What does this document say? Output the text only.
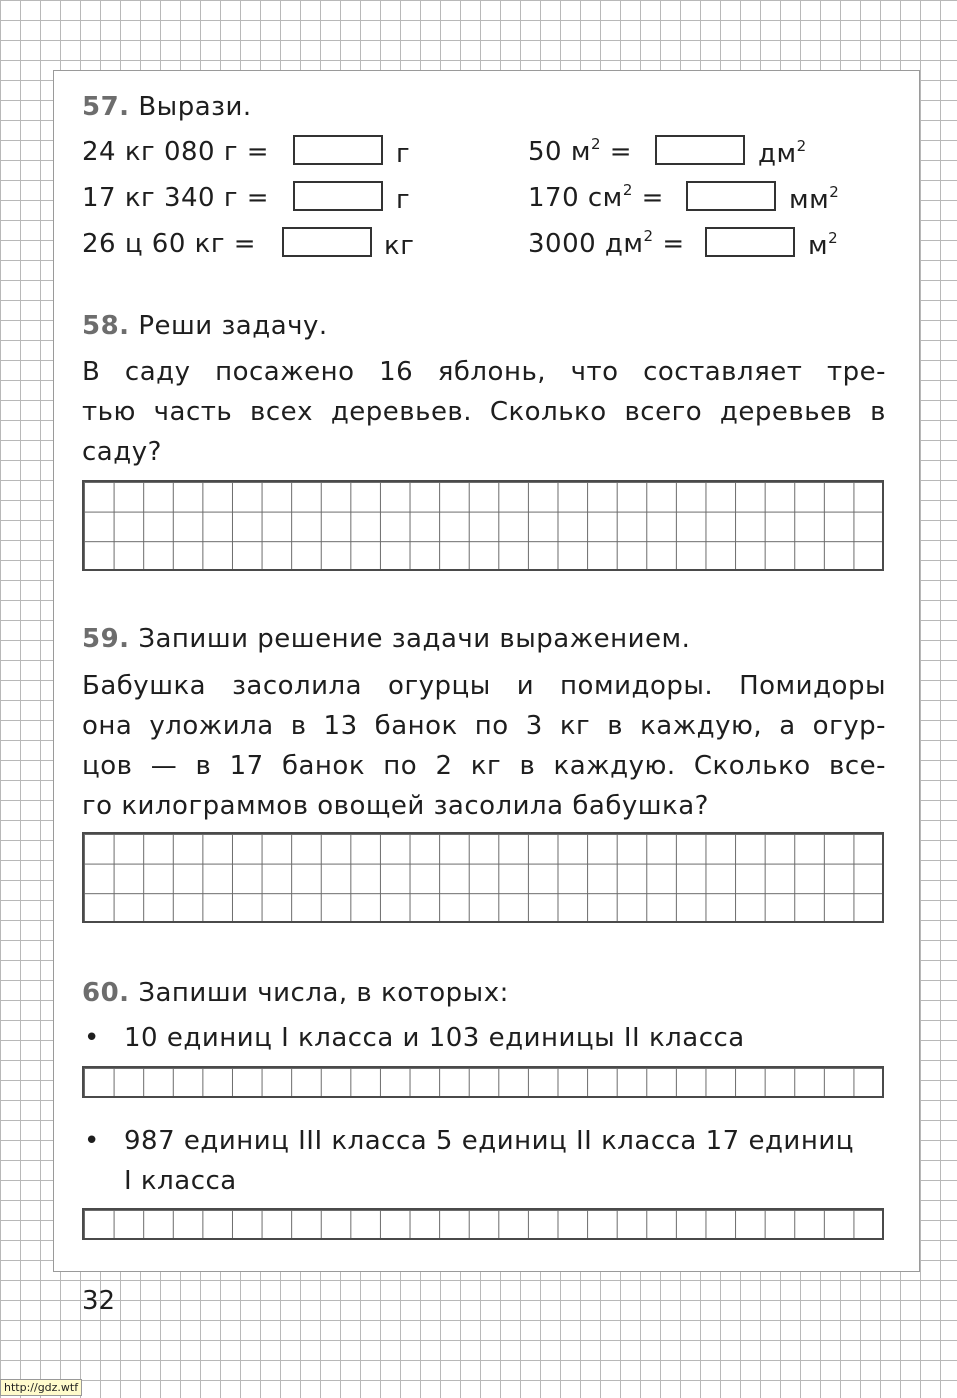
57. Вырази.
24 кг 080 г =	г	50 $м^2$ =	$дм^2$
17 кг 340 г =	г	170 $см^2$ =	$мм^2$
26 ц 60 кг =	кг	3000 $дм^2$ =	$м^2$
58. Реши задачу.
В саду посажено 16 яблонь, что составляет тре-
тью часть всех деревьев. Сколько всего деревьев в
саду?
59. Запиши решение задачи выражением.
Бабушка засолила огурцы и помидоры. Помидоры
она уложила в 13 банок по 3 кг в каждую, а огур-
цов — в 17 банок по 2 кг в каждую. Сколько все-
го килограммов овощей засолила бабушка?
60. Запиши числа, в которых:
• 10 единиц I класса и 103 единицы II класса
• 987 единиц III класса 5 единиц II класса 17 единиц
I класса
32
http://gdz.wtf
